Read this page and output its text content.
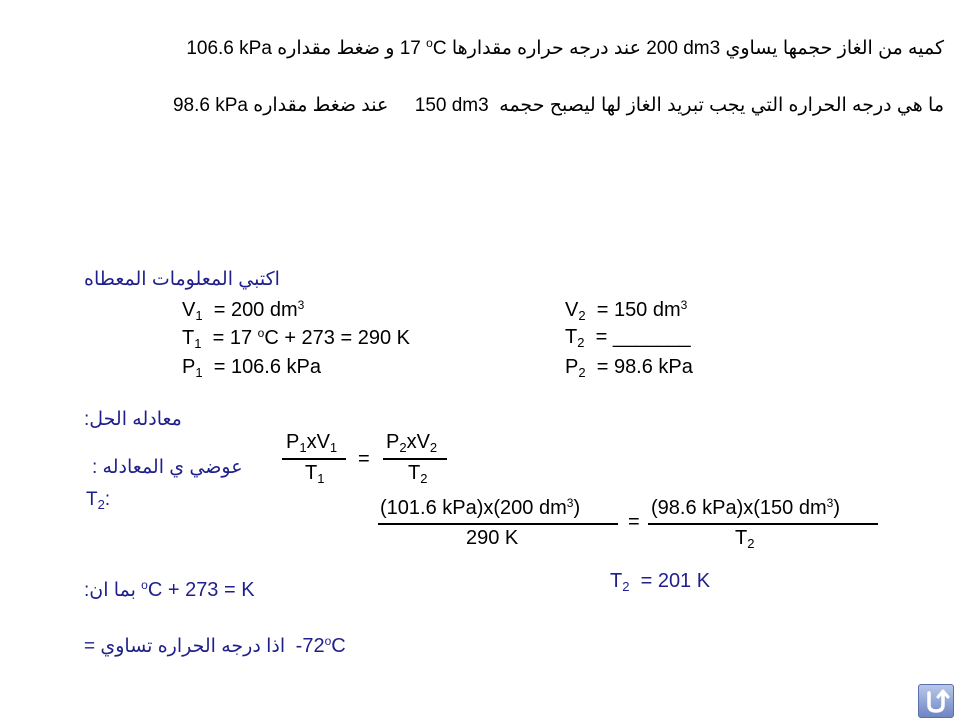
كميه من الغاز حجمها يساوي 200 dm3 عند درجه حراره مقدارها 17 $^o$C و ضغط مقداره 106.6 kPa
ما هي درجه الحراره التي يجب تبريد الغاز لها ليصبح حجمه  150 dm3     عند ضغط مقداره 98.6 kPa
اكتبي المعلومات المعطاه
$V_1 = 200$ $dm^3$
$T_1 = 17$ $^o$C + 273 = 290 K
$P_1 = 106.6$ kPa
$V_2 = 150$ $dm^3$
$T_2$ = _______
$P_2 = 98.6$ kPa
معادله الحل:
$P_1xV_1$
$T_1$
=
$P_2xV_2$
$T_2$
عوضي ي المعادله :
$T_2$:	(101.6 kPa)x(200 $dm^3$)
290 K
=
(98.6 kPa)x(150 $dm^3$)
$T_2$
$T_2 = 201$ K
بما ان: $^o$C + 273 = K
اذا درجه الحراره تساوي = $-72^oC$
